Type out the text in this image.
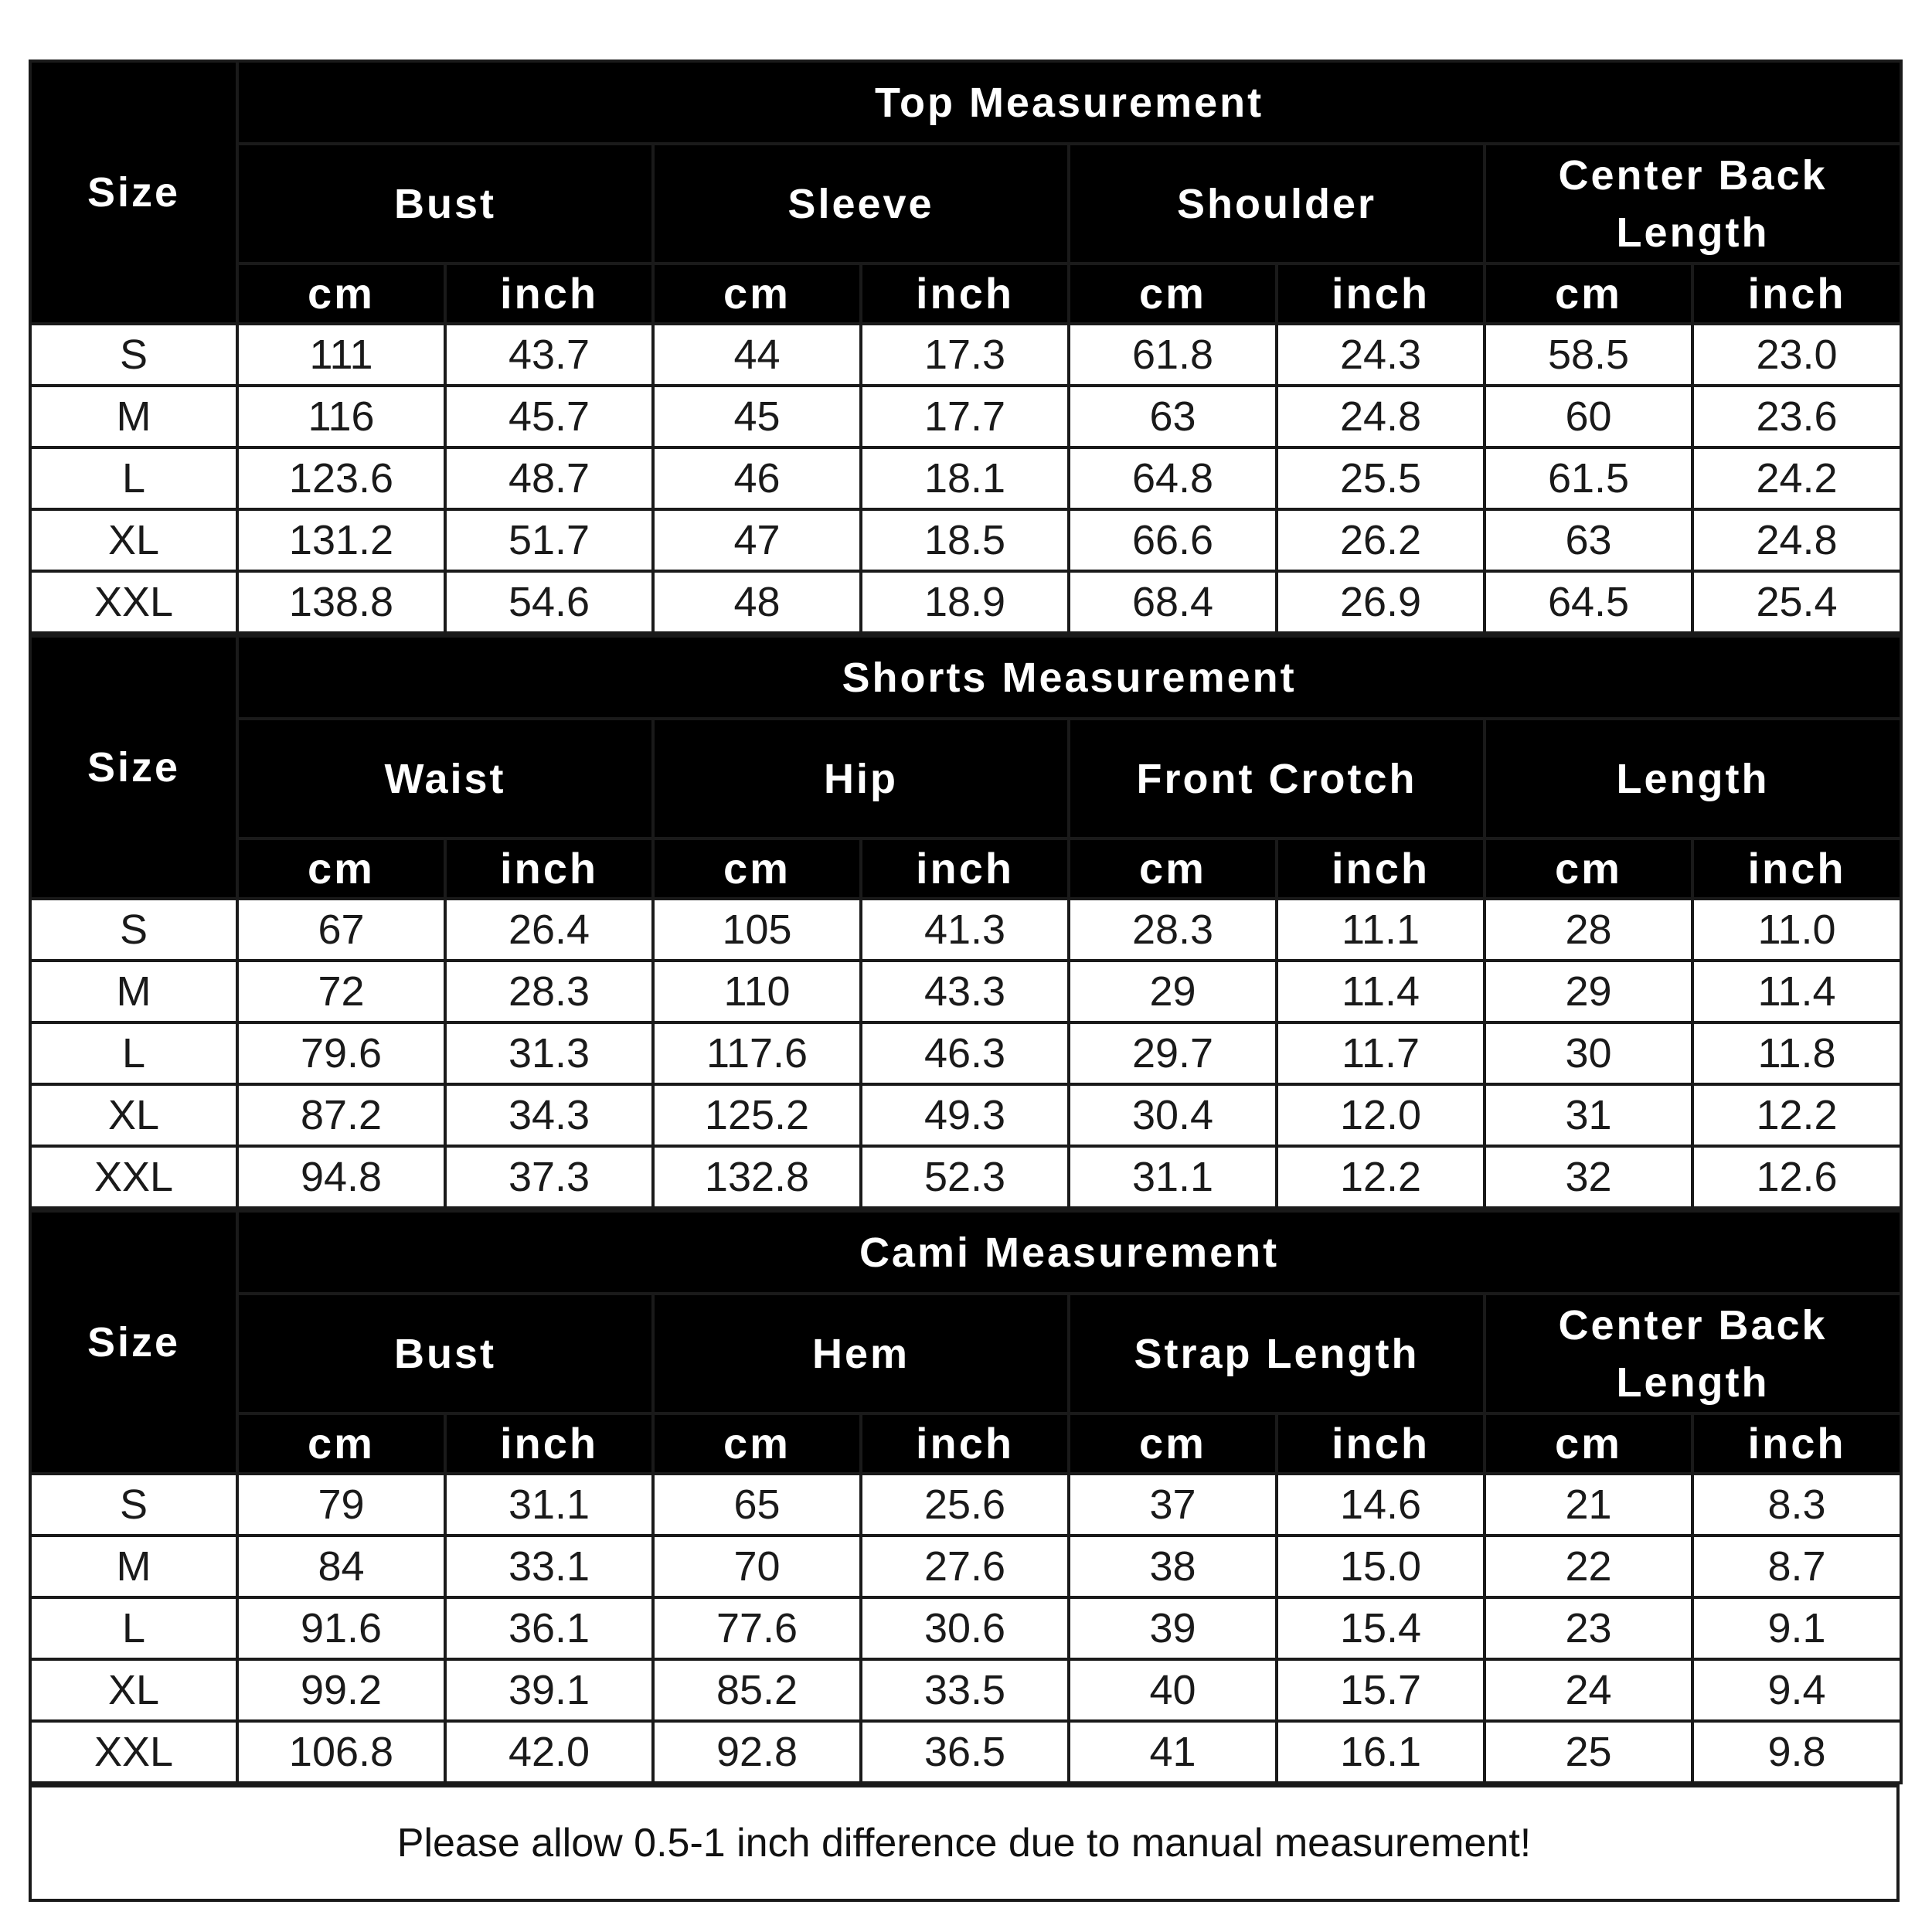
Size	Top Measurement							
	Bust		Sleeve		Shoulder		Center Back Length	
	cm	inch	cm	inch	cm	inch	cm	inch
S	111	43.7	44	17.3	61.8	24.3	58.5	23.0
M	116	45.7	45	17.7	63	24.8	60	23.6
L	123.6	48.7	46	18.1	64.8	25.5	61.5	24.2
XL	131.2	51.7	47	18.5	66.6	26.2	63	24.8
XXL	138.8	54.6	48	18.9	68.4	26.9	64.5	25.4
Size	Shorts Measurement							
	Waist		Hip		Front Crotch		Length	
	cm	inch	cm	inch	cm	inch	cm	inch
S	67	26.4	105	41.3	28.3	11.1	28	11.0
M	72	28.3	110	43.3	29	11.4	29	11.4
L	79.6	31.3	117.6	46.3	29.7	11.7	30	11.8
XL	87.2	34.3	125.2	49.3	30.4	12.0	31	12.2
XXL	94.8	37.3	132.8	52.3	31.1	12.2	32	12.6
Size	Cami Measurement							
	Bust		Hem		Strap Length		Center Back Length	
	cm	inch	cm	inch	cm	inch	cm	inch
S	79	31.1	65	25.6	37	14.6	21	8.3
M	84	33.1	70	27.6	38	15.0	22	8.7
L	91.6	36.1	77.6	30.6	39	15.4	23	9.1
XL	99.2	39.1	85.2	33.5	40	15.7	24	9.4
XXL	106.8	42.0	92.8	36.5	41	16.1	25	9.8
Please allow 0.5-1 inch difference due to manual measurement!
